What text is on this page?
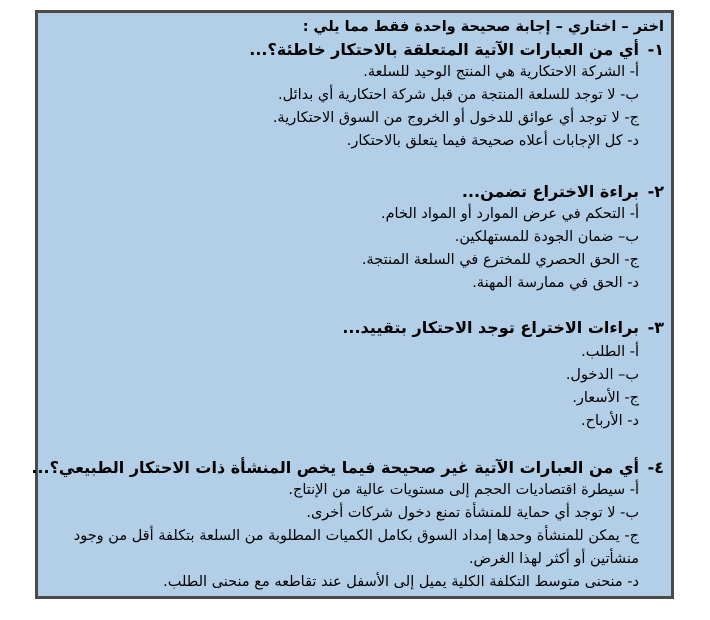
اختر – اختاري – إجابة صحيحة واحدة فقط مما يلي :
١-
أي من العبارات الآتية المتعلقة بالاحتكار خاطئة؟...
أ- الشركة الاحتكارية هي المنتج الوحيد للسلعة.
ب- لا توجد للسلعة المنتجة من قبل شركة احتكارية أي بدائل.
ج- لا توجد أي عوائق للدخول أو الخروج من السوق الاحتكارية.
د- كل الإجابات أعلاه صحيحة فيما يتعلق بالاحتكار.
٢-
براءة الاختراع تضمن...
أ- التحكم في عرض الموارد أو المواد الخام.
ب– ضمان الجودة للمستهلكين.
ج- الحق الحصري للمخترع في السلعة المنتجة.
د- الحق في ممارسة المهنة.
٣-
براءات الاختراع توجد الاحتكار بتقييد...
أ- الطلب.
ب– الدخول.
ج- الأسعار.
د- الأرباح.
٤-
أي من العبارات الآتية غير صحيحة فيما يخص المنشأة ذات الاحتكار الطبيعي؟...
أ- سيطرة اقتصاديات الحجم إلى مستويات عالية من الإنتاج.
ب- لا توجد أي حماية للمنشأة تمنع دخول شركات أخرى.
ج- يمكن للمنشأة وحدها إمداد السوق بكامل الكميات المطلوبة من السلعة بتكلفة أقل من وجود
منشأتين أو أكثر لهذا الغرض.
د- منحنى متوسط التكلفة الكلية يميل إلى الأسفل عند تقاطعه مع منحنى الطلب.
